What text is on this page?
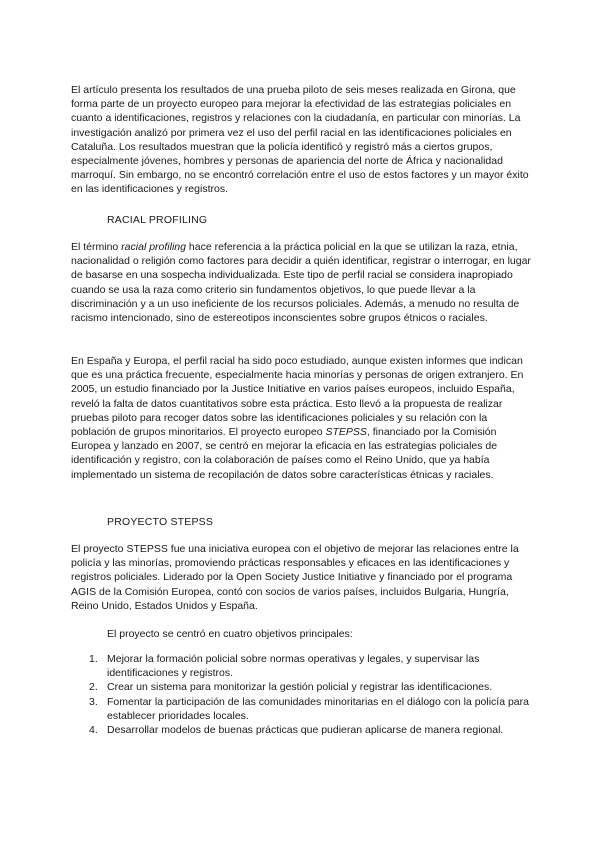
El artículo presenta los resultados de una prueba piloto de seis meses realizada en Girona, que forma parte de un proyecto europeo para mejorar la efectividad de las estrategias policiales en cuanto a identificaciones, registros y relaciones con la ciudadanía, en particular con minorías. La investigación analizó por primera vez el uso del perfil racial en las identificaciones policiales en Cataluña. Los resultados muestran que la policía identificó y registró más a ciertos grupos, especialmente jóvenes, hombres y personas de apariencia del norte de África y nacionalidad marroquí. Sin embargo, no se encontró correlación entre el uso de estos factores y un mayor éxito en las identificaciones y registros.

RACIAL PROFILING

El término racial profiling hace referencia a la práctica policial en la que se utilizan la raza, etnia, nacionalidad o religión como factores para decidir a quién identificar, registrar o interrogar, en lugar de basarse en una sospecha individualizada. Este tipo de perfil racial se considera inapropiado cuando se usa la raza como criterio sin fundamentos objetivos, lo que puede llevar a la discriminación y a un uso ineficiente de los recursos policiales. Además, a menudo no resulta de racismo intencionado, sino de estereotipos inconscientes sobre grupos étnicos o raciales.

En España y Europa, el perfil racial ha sido poco estudiado, aunque existen informes que indican que es una práctica frecuente, especialmente hacia minorías y personas de origen extranjero. En 2005, un estudio financiado por la Justice Initiative en varios países europeos, incluido España, reveló la falta de datos cuantitativos sobre esta práctica. Esto llevó a la propuesta de realizar pruebas piloto para recoger datos sobre las identificaciones policiales y su relación con la población de grupos minoritarios. El proyecto europeo STEPSS, financiado por la Comisión Europea y lanzado en 2007, se centró en mejorar la eficacia en las estrategias policiales de identificación y registro, con la colaboración de países como el Reino Unido, que ya había implementado un sistema de recopilación de datos sobre características étnicas y raciales.

PROYECTO STEPSS

El proyecto STEPSS fue una iniciativa europea con el objetivo de mejorar las relaciones entre la policía y las minorías, promoviendo prácticas responsables y eficaces en las identificaciones y registros policiales. Liderado por la Open Society Justice Initiative y financiado por el programa AGIS de la Comisión Europea, contó con socios de varios países, incluidos Bulgaria, Hungría, Reino Unido, Estados Unidos y España.

El proyecto se centró en cuatro objetivos principales:
1. Mejorar la formación policial sobre normas operativas y legales, y supervisar las identificaciones y registros.
2. Crear un sistema para monitorizar la gestión policial y registrar las identificaciones.
3. Fomentar la participación de las comunidades minoritarias en el diálogo con la policía para establecer prioridades locales.
4. Desarrollar modelos de buenas prácticas que pudieran aplicarse de manera regional.
